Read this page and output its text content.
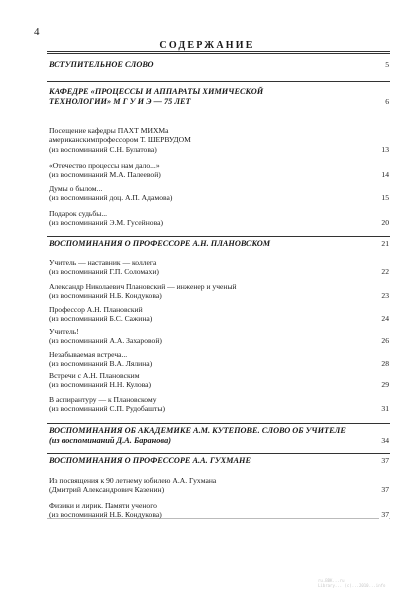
4
СОДЕРЖАНИЕ
ВСТУПИТЕЛЬНОЕ СЛОВО	5
КАФЕДРЕ «ПРОЦЕССЫ И АППАРАТЫ ХИМИЧЕСКОЙ
ТЕХНОЛОГИИ» М Г У И Э — 75 ЛЕТ	6
Посещение кафедры ПАХТ МИХМа
американскимпрофессором Т. ШЕРВУДОМ
(из воспоминаний С.Н. Булатова)	13
«Отечество процессы нам дало...»
(из воспоминаний М.А. Палеевой)	14
Думы о былом...
(из воспоминаний доц. А.П. Адамова)	15
Подарок судьбы...
(из воспоминаний Э.М. Гусейнова)	20
ВОСПОМИНАНИЯ О ПРОФЕССОРЕ А.Н. ПЛАНОВСКОМ	21
Учитель — наставник — коллега
(из воспоминаний Г.П. Соломахи)	22
Александр Николаевич Плановский — инженер и ученый
(из воспоминаний Н.Б. Кондукова)	23
Профессор А.Н. Плановский
(из воспоминаний Б.С. Сажина)	24
Учитель!
(из воспоминаний А.А. Захаровой)	26
Незабываемая встреча...
(из воспоминаний В.А. Лялина)	28
Встречи с А.Н. Плановским
(из воспоминаний Н.Н. Кулова)	29
В аспирантуру — к Плановскому
(из воспоминаний С.П. Рудобашты)	31
ВОСПОМИНАНИЯ ОБ АКАДЕМИКЕ А.М. КУТЕПОВЕ. СЛОВО ОБ УЧИТЕЛЕ
(из воспоминаний Д.А. Баранова)	34
ВОСПОМИНАНИЯ О ПРОФЕССОРЕ А.А. ГУХМАНЕ	37
Из посвящения к 90 летнему юбилею А.А. Гухмана
(Дмитрий Александрович Казенин)	37
Физики и лирик. Памяти ученого
(из воспоминаний Н.Б. Кондукова)	37
ru.BBK...ru
Library... (c)...2010...info
